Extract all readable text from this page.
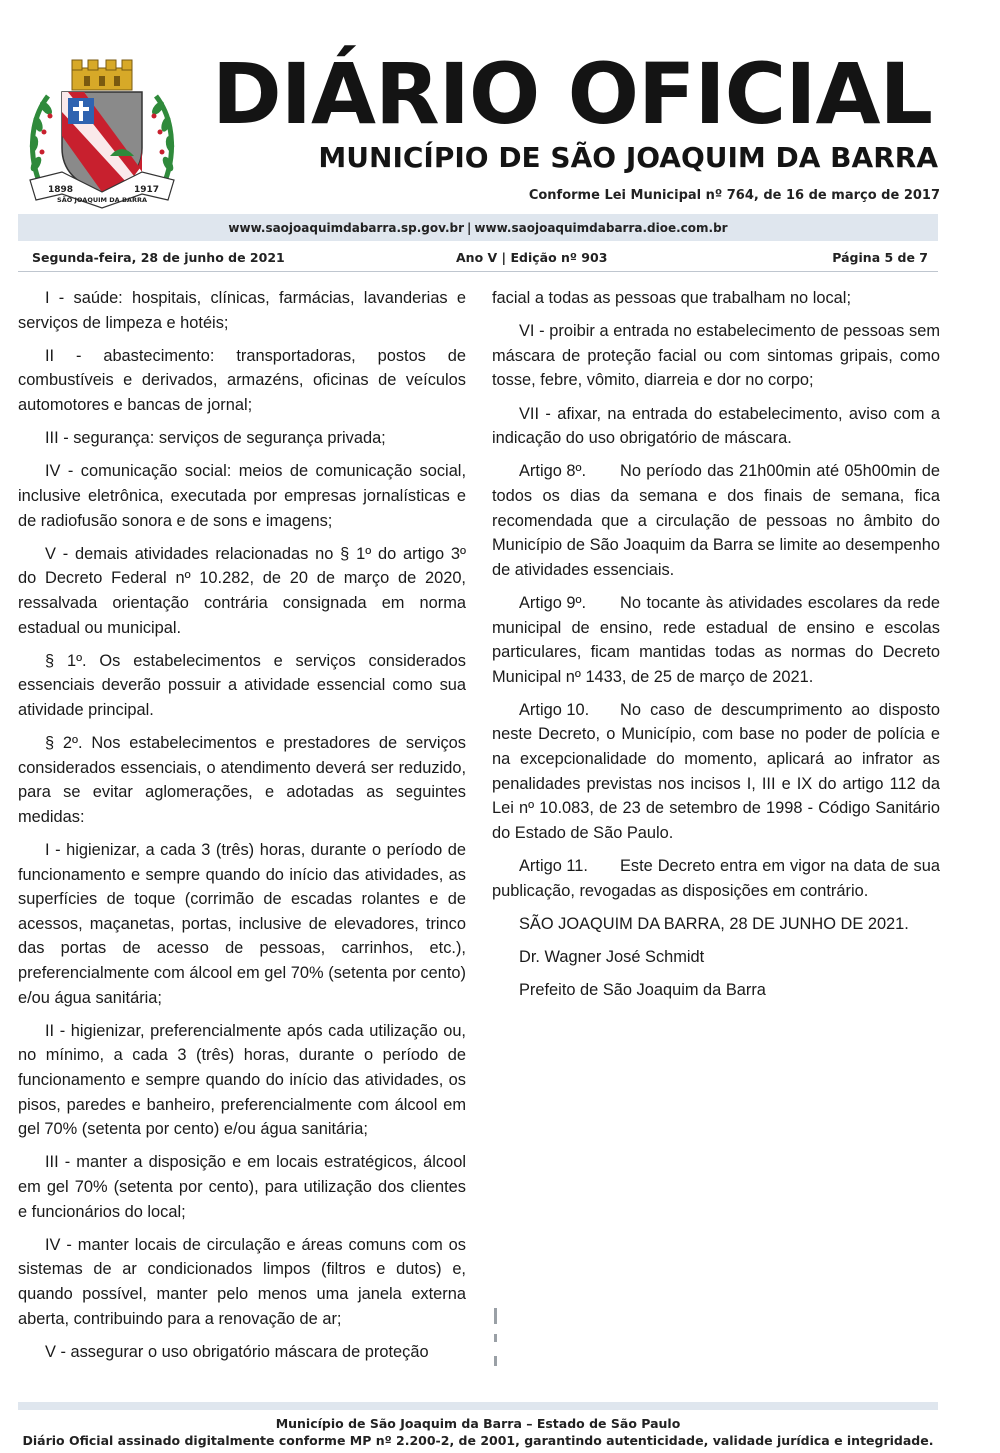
1898	1917
SÃO JOAQUIM DA BARRA
DIÁRIO OFICIAL
MUNICÍPIO DE SÃO JOAQUIM DA BARRA
Conforme Lei Municipal nº 764, de 16 de março de 2017
www.saojoaquimdabarra.sp.gov.br | www.saojoaquimdabarra.dioe.com.br
Segunda-feira, 28 de junho de 2021	Ano V | Edição nº 903	Página 5 de 7

I - saúde: hospitais, clínicas, farmácias, lavanderias e serviços de limpeza e hotéis;

II - abastecimento: transportadoras, postos de combustíveis e derivados, armazéns, oficinas de veículos automotores e bancas de jornal;

III - segurança: serviços de segurança privada;

IV - comunicação social: meios de comunicação social, inclusive eletrônica, executada por empresas jornalísticas e de radiofusão sonora e de sons e imagens;

V - demais atividades relacionadas no § 1º do artigo 3º do Decreto Federal nº 10.282, de 20 de março de 2020, ressalvada orientação contrária consignada em norma estadual ou municipal.

§ 1º. Os estabelecimentos e serviços considerados essenciais deverão possuir a atividade essencial como sua atividade principal.

§ 2º. Nos estabelecimentos e prestadores de serviços considerados essenciais, o atendimento deverá ser reduzido, para se evitar aglomerações, e adotadas as seguintes medidas:

I - higienizar, a cada 3 (três) horas, durante o período de funcionamento e sempre quando do início das atividades, as superfícies de toque (corrimão de escadas rolantes e de acessos, maçanetas, portas, inclusive de elevadores, trinco das portas de acesso de pessoas, carrinhos, etc.), preferencialmente com álcool em gel 70% (setenta por cento) e/ou água sanitária;

II - higienizar, preferencialmente após cada utilização ou, no mínimo, a cada 3 (três) horas, durante o período de funcionamento e sempre quando do início das atividades, os pisos, paredes e banheiro, preferencialmente com álcool em gel 70% (setenta por cento) e/ou água sanitária;

III - manter a disposição e em locais estratégicos, álcool em gel 70% (setenta por cento), para utilização dos clientes e funcionários do local;

IV - manter locais de circulação e áreas comuns com os sistemas de ar condicionados limpos (filtros e dutos) e, quando possível, manter pelo menos uma janela externa aberta, contribuindo para a renovação de ar;

V - assegurar o uso obrigatório máscara de proteção

facial a todas as pessoas que trabalham no local;

VI - proibir a entrada no estabelecimento de pessoas sem máscara de proteção facial ou com sintomas gripais, como tosse, febre, vômito, diarreia e dor no corpo;

VII - afixar, na entrada do estabelecimento, aviso com a indicação do uso obrigatório de máscara.

Artigo 8º. No período das 21h00min até 05h00min de todos os dias da semana e dos finais de semana, fica recomendada que a circulação de pessoas no âmbito do Município de São Joaquim da Barra se limite ao desempenho de atividades essenciais.

Artigo 9º. No tocante às atividades escolares da rede municipal de ensino, rede estadual de ensino e escolas particulares, ficam mantidas todas as normas do Decreto Municipal nº 1433, de 25 de março de 2021.

Artigo 10. No caso de descumprimento ao disposto neste Decreto, o Município, com base no poder de polícia e na excepcionalidade do momento, aplicará ao infrator as penalidades previstas nos incisos I, III e IX do artigo 112 da Lei nº 10.083, de 23 de setembro de 1998 - Código Sanitário do Estado de São Paulo.

Artigo 11. Este Decreto entra em vigor na data de sua publicação, revogadas as disposições em contrário.

SÃO JOAQUIM DA BARRA, 28 DE JUNHO DE 2021.

Dr. Wagner José Schmidt

Prefeito de São Joaquim da Barra

Município de São Joaquim da Barra – Estado de São Paulo
Diário Oficial assinado digitalmente conforme MP nº 2.200-2, de 2001, garantindo autenticidade, validade jurídica e integridade.
